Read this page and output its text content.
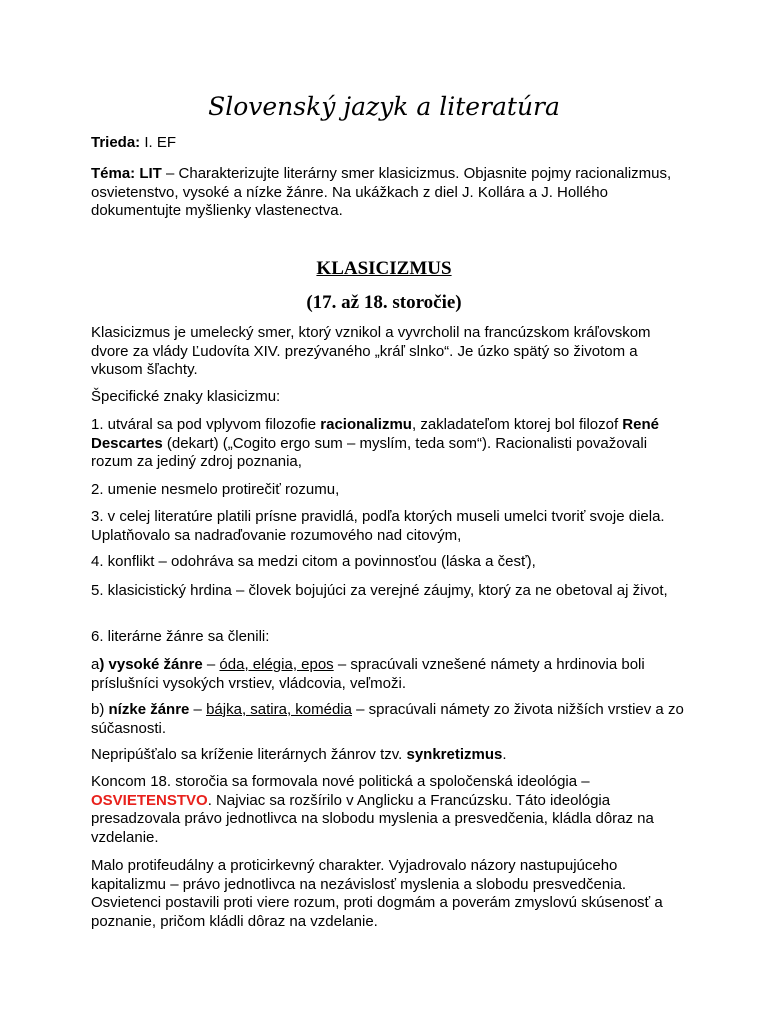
Slovenský jazyk a literatúra
Trieda: I. EF
Téma: LIT – Charakterizujte literárny smer klasicizmus. Objasnite pojmy racionalizmus, osvietenstvo, vysoké a nízke žánre. Na ukážkach z diel J. Kollára a J. Hollého dokumentujte myšlienky vlastenectva.
KLASICIZMUS
(17. až 18. storočie)
Klasicizmus je umelecký smer, ktorý vznikol a vyvrcholil na francúzskom kráľovskom dvore za vlády Ľudovíta XIV. prezývaného „kráľ slnko“. Je úzko spätý so životom a vkusom šľachty.
Špecifické znaky klasicizmu:
1. utváral sa pod vplyvom filozofie racionalizmu, zakladateľom ktorej bol filozof René Descartes (dekart) („Cogito ergo sum – myslím, teda som“). Racionalisti považovali rozum za jediný zdroj poznania,
2. umenie nesmelo protirečiť rozumu,
3. v celej literatúre platili prísne pravidlá, podľa ktorých museli umelci tvoriť svoje diela. Uplatňovalo sa nadraďovanie rozumového nad citovým,
4. konflikt – odohráva sa medzi citom a povinnosťou (láska a česť),
5. klasicistický hrdina – človek bojujúci za verejné záujmy, ktorý za ne obetoval aj život,
6. literárne žánre sa členili:
a) vysoké žánre – óda, elégia, epos – spracúvali vznešené námety a hrdinovia boli príslušníci vysokých vrstiev, vládcovia, veľmoži.
b) nízke žánre – bájka, satira, komédia – spracúvali námety zo života nižších vrstiev a zo súčasnosti.
Nepripúšťalo sa kríženie literárnych žánrov tzv. synkretizmus.
Koncom 18. storočia sa formovala nové politická a spoločenská ideológia – OSVIETENSTVO. Najviac sa rozšírilo v Anglicku a Francúzsku. Táto ideológia presadzovala právo jednotlivca na slobodu myslenia a presvedčenia, kládla dôraz na vzdelanie.
Malo protifeudálny a proticirkevný charakter. Vyjadrovalo názory nastupujúceho kapitalizmu – právo jednotlivca na nezávislosť myslenia a slobodu presvedčenia. Osvietenci postavili proti viere rozum, proti dogmám a poverám zmyslovú skúsenosť a poznanie, pričom kládli dôraz na vzdelanie.
